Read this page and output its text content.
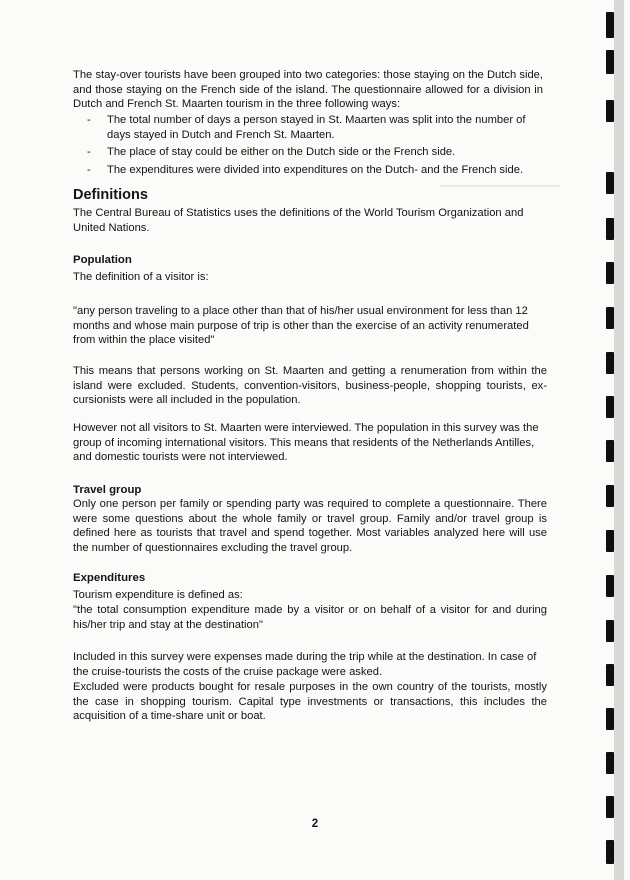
The stay-over tourists have been grouped into two categories: those staying on the Dutch side, and those staying on the French side of the island. The questionnaire allowed for a division in Dutch and French St. Maarten tourism in the three following ways:
- The total number of days a person stayed in St. Maarten was split into the number of days stayed in Dutch and French St. Maarten.
- The place of stay could be either on the Dutch side or the French side.
- The expenditures were divided into expenditures on the Dutch- and the French side.
Definitions
The Central Bureau of Statistics uses the definitions of the World Tourism Organization and United Nations.
Population
The definition of a visitor is:
"any person traveling to a place other than that of his/her usual environment for less than 12 months and whose main purpose of trip is other than the exercise of an activity renumerated from within the place visited"
This means that persons working on St. Maarten and getting a renumeration from within the island were excluded. Students, convention-visitors, business-people, shopping tourists, ex-cursionists were all included in the population.
However not all visitors to St. Maarten were interviewed. The population in this survey was the group of incoming international visitors. This means that residents of the Netherlands Antilles, and domestic tourists were not interviewed.
Travel group
Only one person per family or spending party was required to complete a questionnaire. There were some questions about the whole family or travel group. Family and/or travel group is defined here as tourists that travel and spend together. Most variables analyzed here will use the number of questionnaires excluding the travel group.
Expenditures
Tourism expenditure is defined as:
"the total consumption expenditure made by a visitor or on behalf of a visitor for and during his/her trip and stay at the destination"
Included in this survey were expenses made during the trip while at the destination. In case of the cruise-tourists the costs of the cruise package were asked.
Excluded were products bought for resale purposes in the own country of the tourists, mostly the case in shopping tourism. Capital type investments or transactions, this includes the acquisition of a time-share unit or boat.
2
